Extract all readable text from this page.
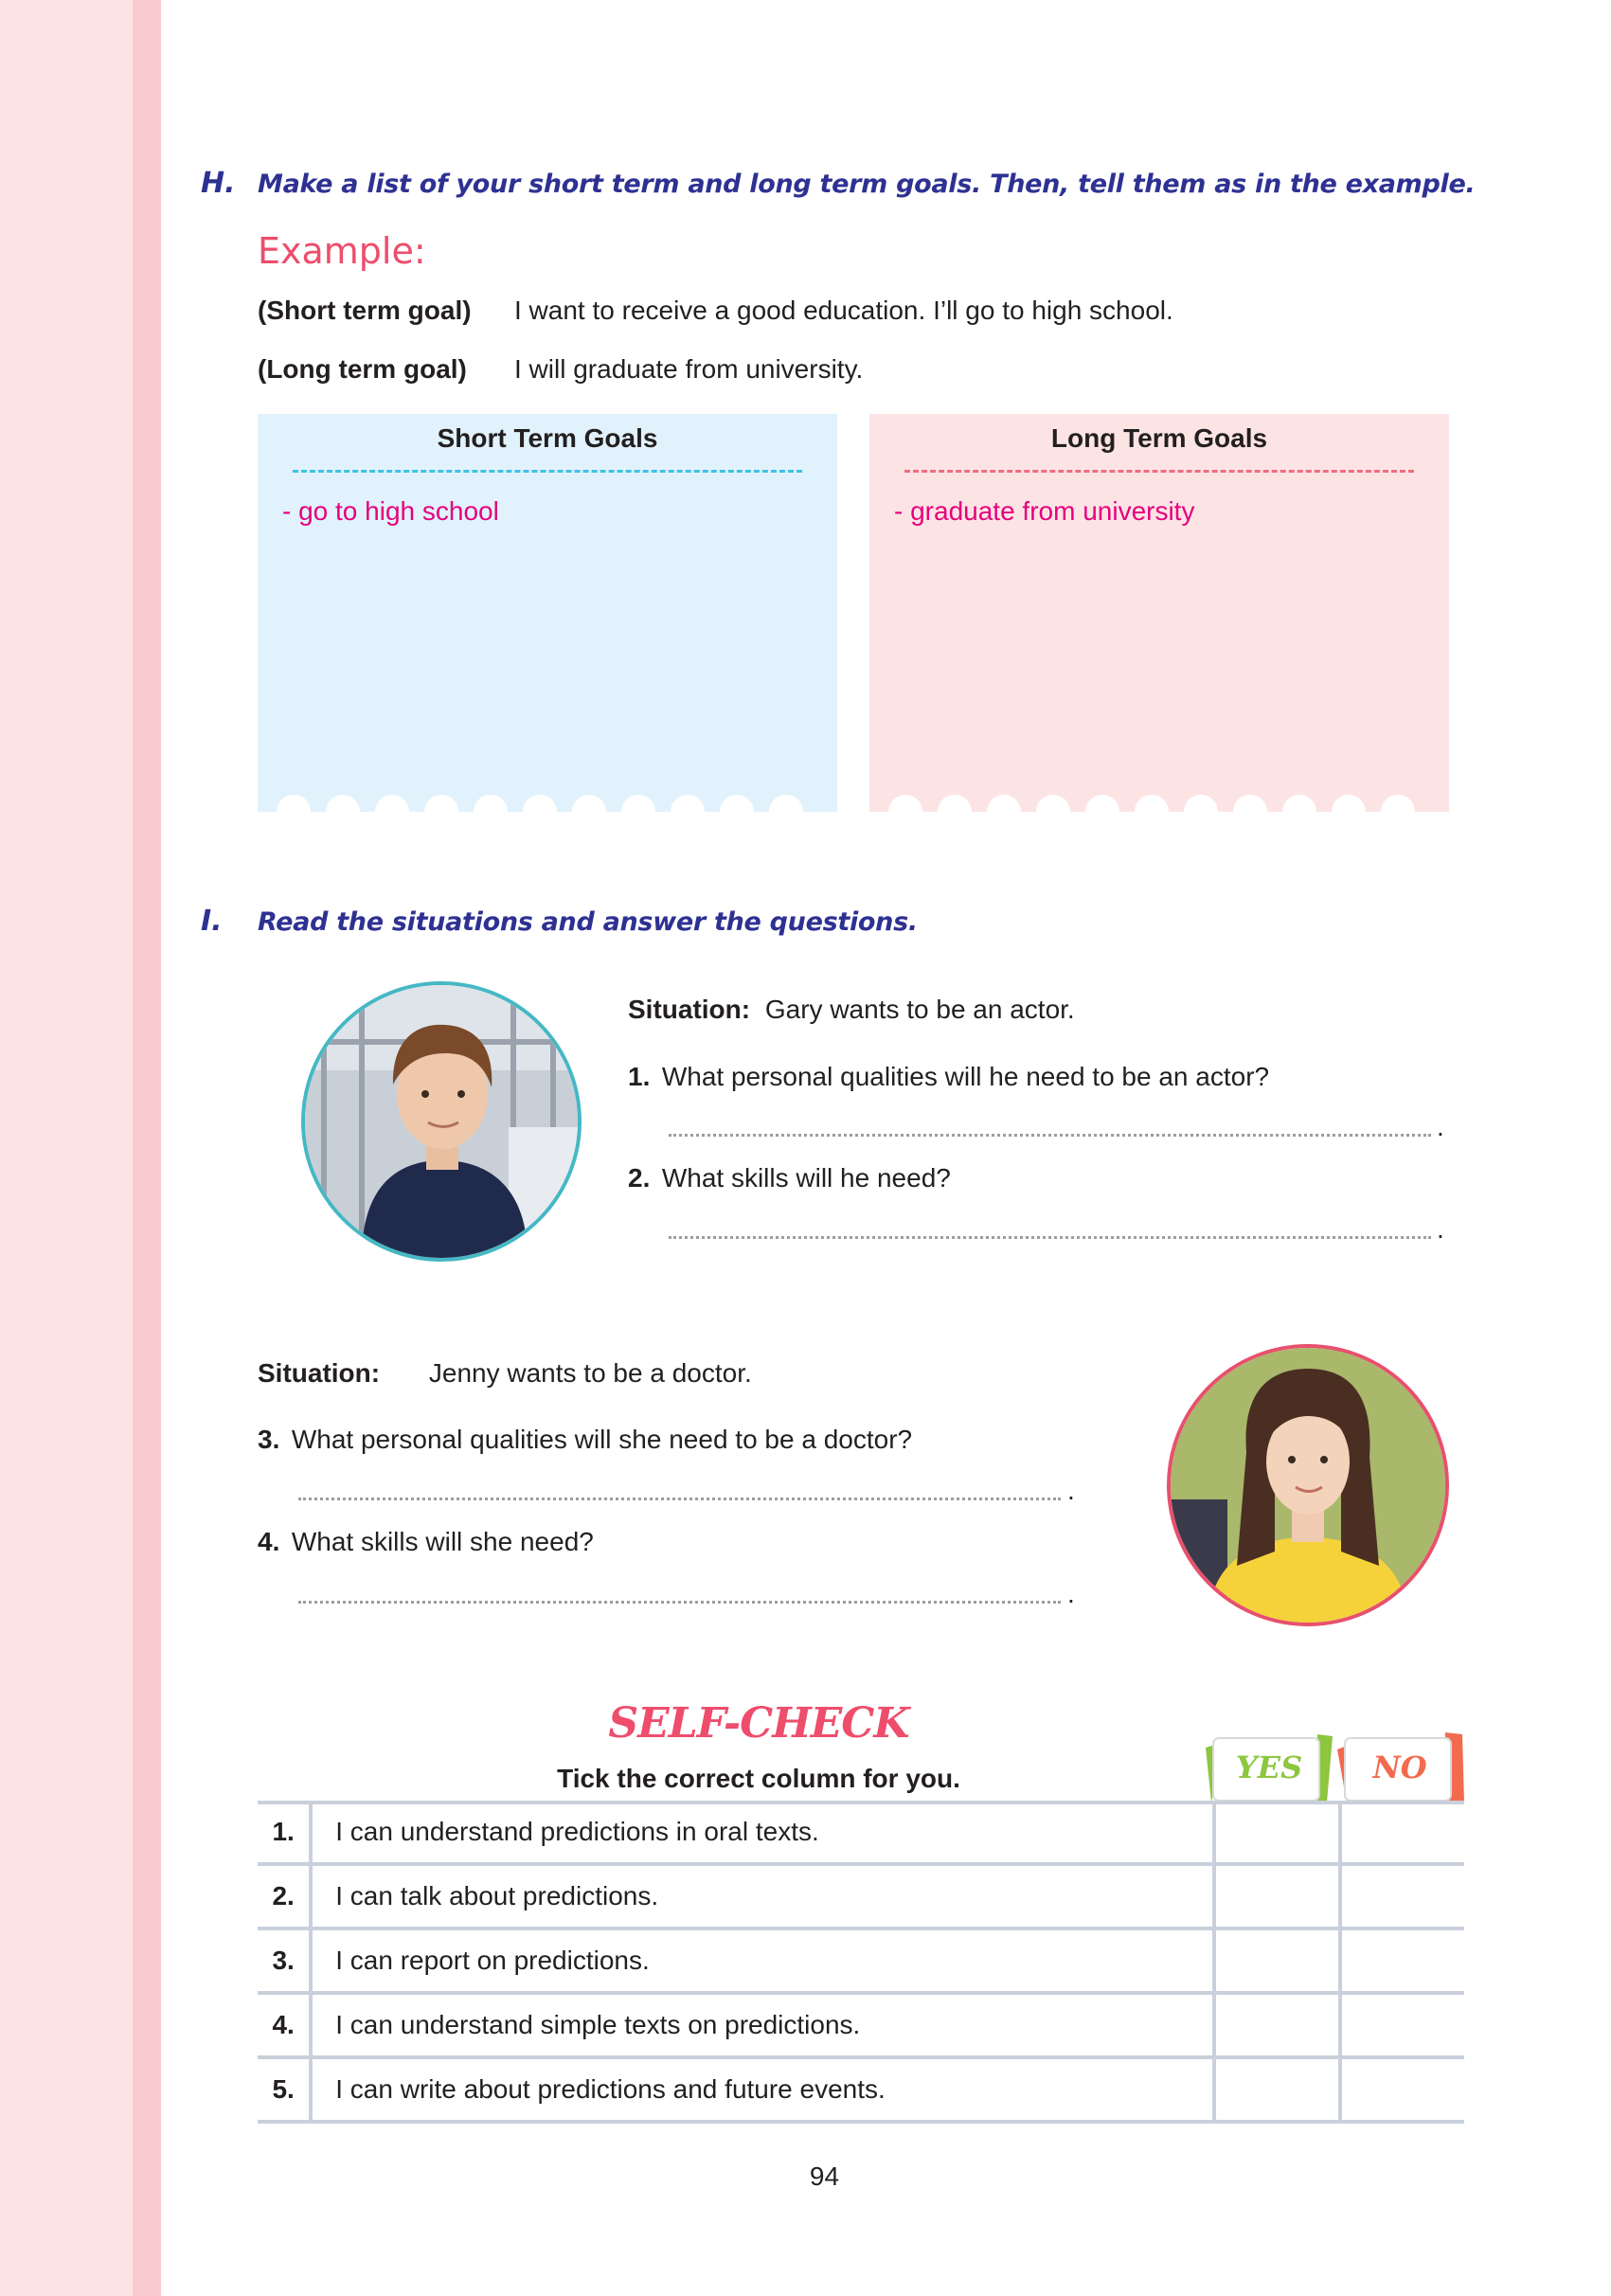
H. Make a list of your short term and long term goals. Then, tell them as in the example.
Example:
(Short term goal) I want to receive a good education. I’ll go to high school.
(Long term goal) I will graduate from university.
Short Term Goals
- go to high school
Long Term Goals
- graduate from university
I. Read the situations and answer the questions.
Situation: Gary wants to be an actor.
1. What personal qualities will he need to be an actor?
.
2. What skills will he need?
.
Situation: Jenny wants to be a doctor.
3. What personal qualities will she need to be a doctor?
.
4. What skills will she need?
.
SELF-CHECK
Tick the correct column for you.	YES	NO
1.	I can understand predictions in oral texts.		
2.	I can talk about predictions.		
3.	I can report on predictions.		
4.	I can understand simple texts on predictions.		
5.	I can write about predictions and future events.		
94
